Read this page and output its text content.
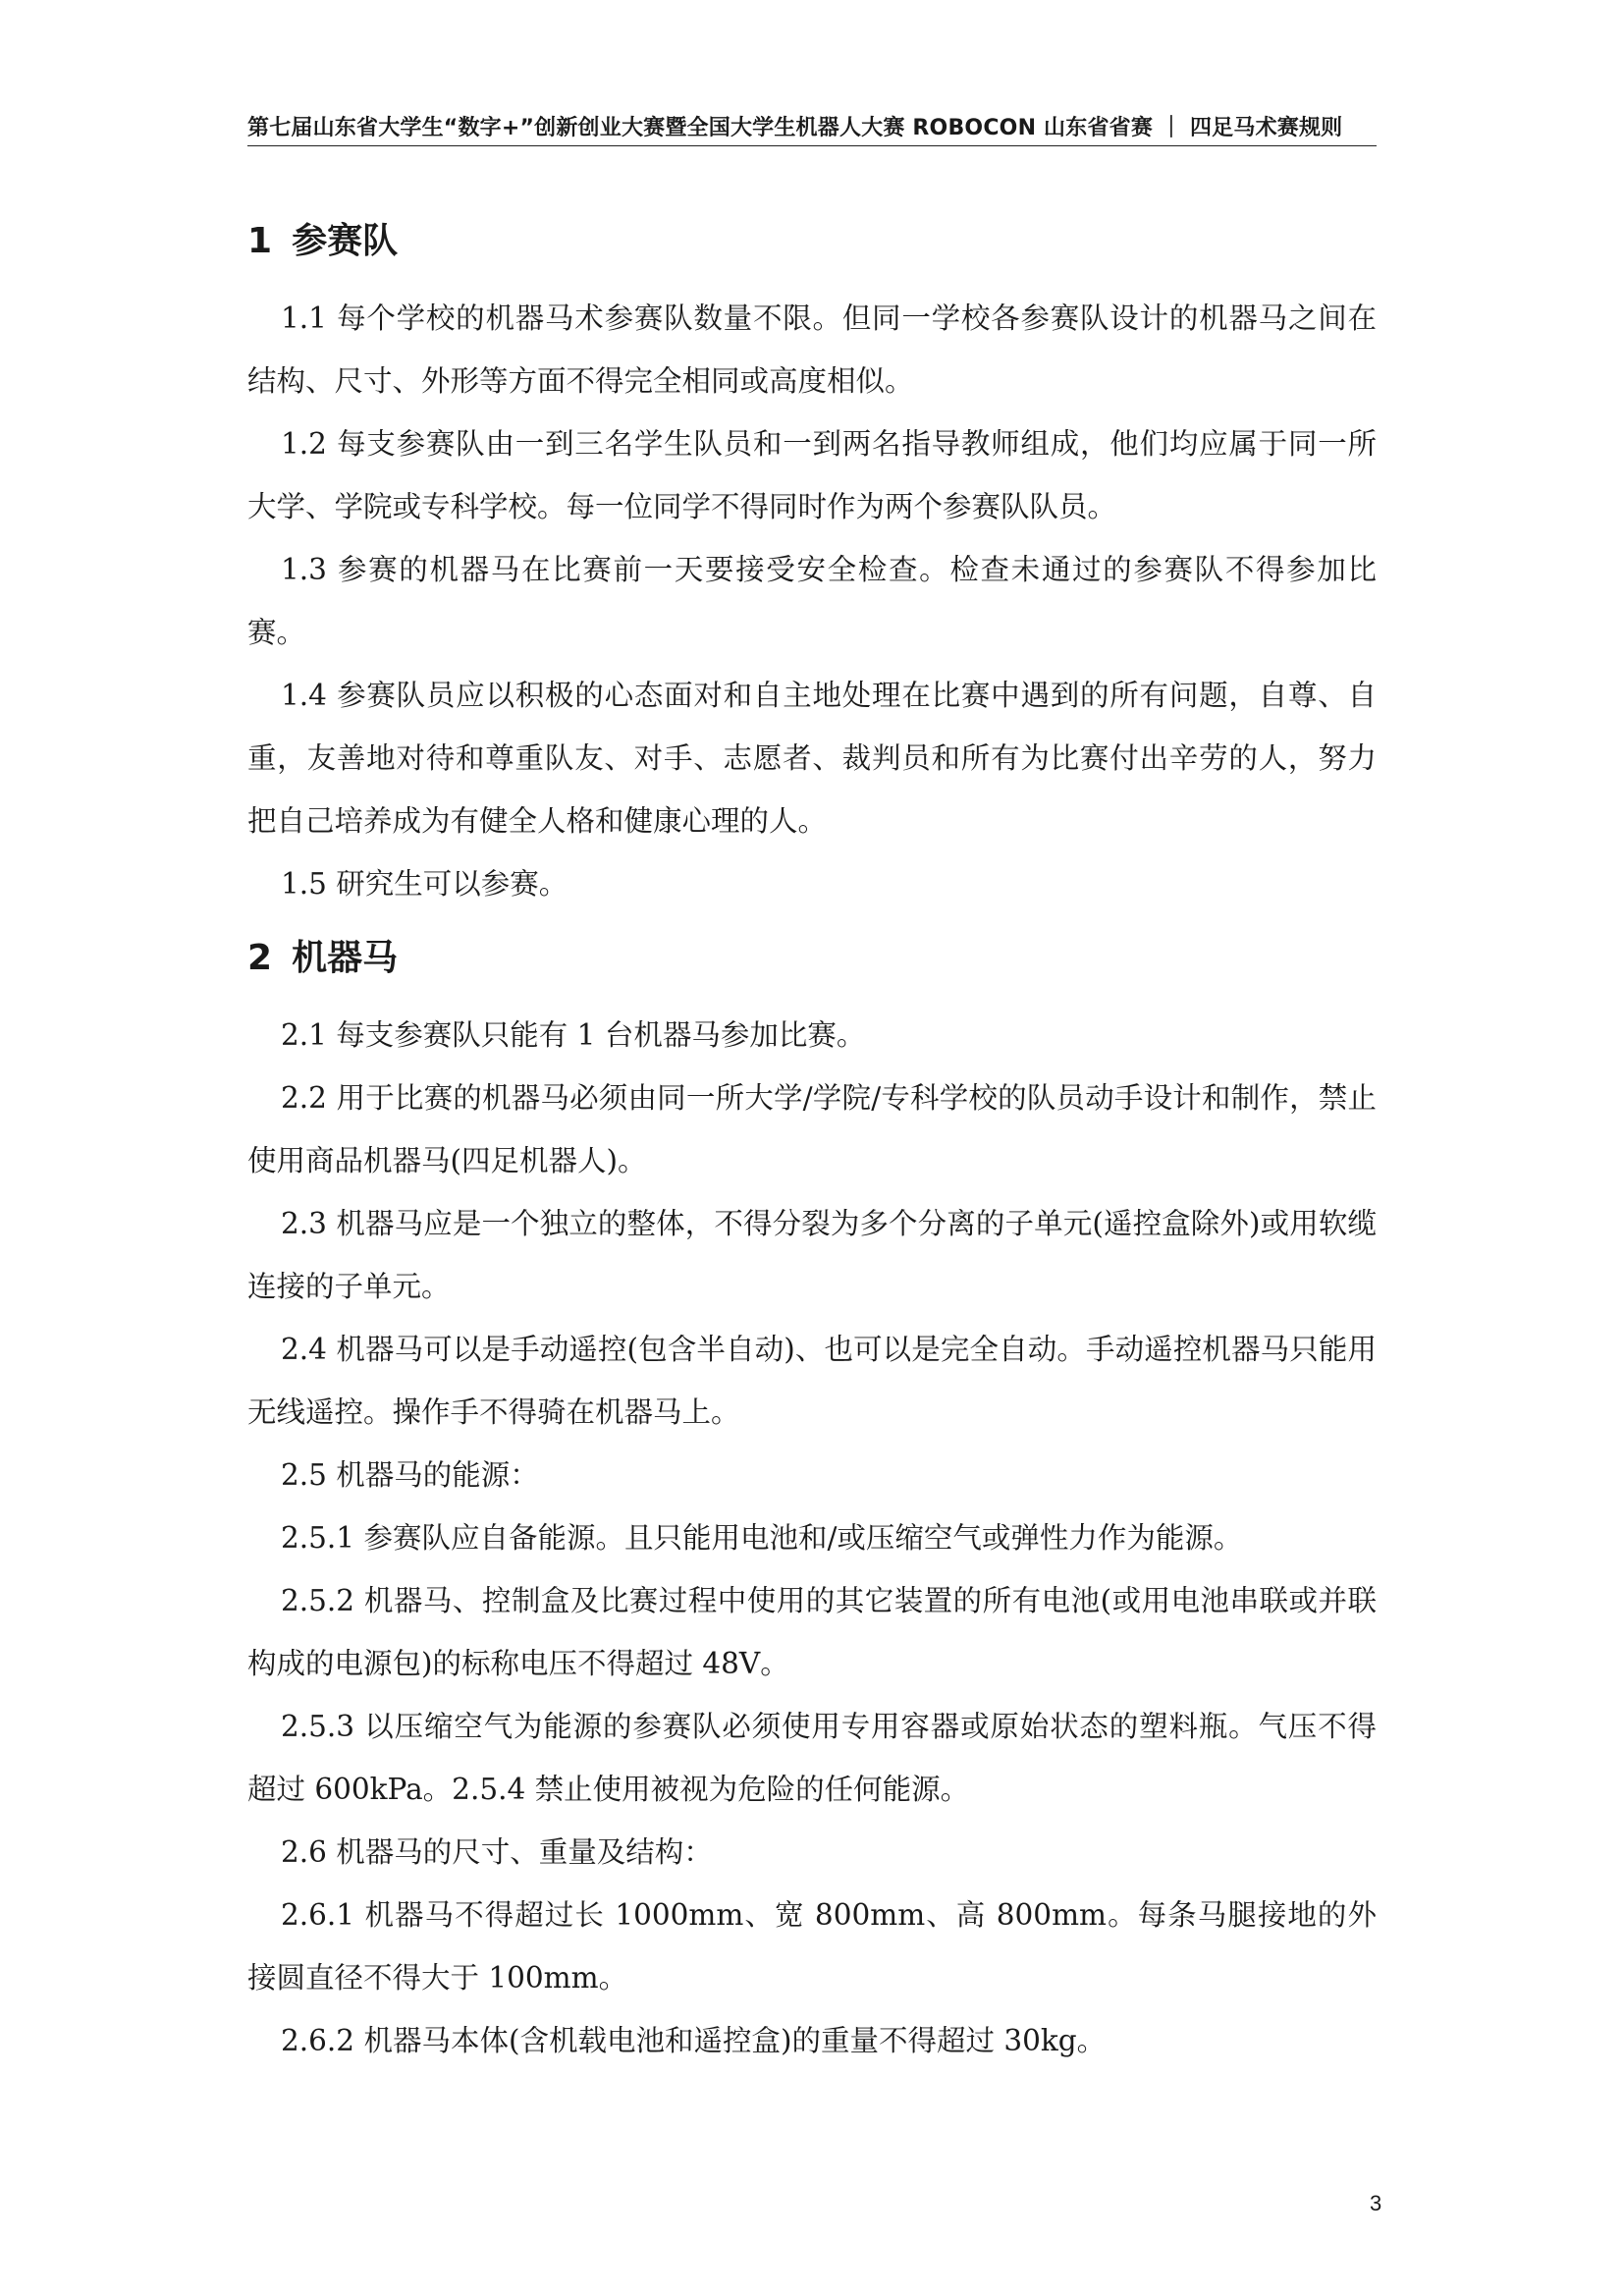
第七届山东省大学生“数字+”创新创业大赛暨全国大学生机器人大赛 ROBOCON 山东省省赛 ｜ 四足马术赛规则
1 参赛队

1.1 每个学校的机器马术参赛队数量不限。但同一学校各参赛队设计的机器马之间在结构、尺寸、外形等方面不得完全相同或高度相似。

1.2 每支参赛队由一到三名学生队员和一到两名指导教师组成，他们均应属于同一所大学、学院或专科学校。每一位同学不得同时作为两个参赛队队员。

1.3 参赛的机器马在比赛前一天要接受安全检查。检查未通过的参赛队不得参加比赛。

1.4 参赛队员应以积极的心态面对和自主地处理在比赛中遇到的所有问题，自尊、自重，友善地对待和尊重队友、对手、志愿者、裁判员和所有为比赛付出辛劳的人，努力把自己培养成为有健全人格和健康心理的人。

1.5 研究生可以参赛。

2 机器马

2.1 每支参赛队只能有 1 台机器马参加比赛。

2.2 用于比赛的机器马必须由同一所大学/学院/专科学校的队员动手设计和制作，禁止使用商品机器马(四足机器人)。

2.3 机器马应是一个独立的整体，不得分裂为多个分离的子单元(遥控盒除外)或用软缆连接的子单元。

2.4 机器马可以是手动遥控(包含半自动)、也可以是完全自动。手动遥控机器马只能用无线遥控。操作手不得骑在机器马上。

2.5 机器马的能源：

2.5.1 参赛队应自备能源。且只能用电池和/或压缩空气或弹性力作为能源。

2.5.2 机器马、控制盒及比赛过程中使用的其它装置的所有电池(或用电池串联或并联构成的电源包)的标称电压不得超过 48V。

2.5.3 以压缩空气为能源的参赛队必须使用专用容器或原始状态的塑料瓶。气压不得超过 600kPa。2.5.4 禁止使用被视为危险的任何能源。

2.6 机器马的尺寸、重量及结构：

2.6.1 机器马不得超过长 1000mm、宽 800mm、高 800mm。每条马腿接地的外接圆直径不得大于 100mm。

2.6.2 机器马本体(含机载电池和遥控盒)的重量不得超过 30kg。

3
